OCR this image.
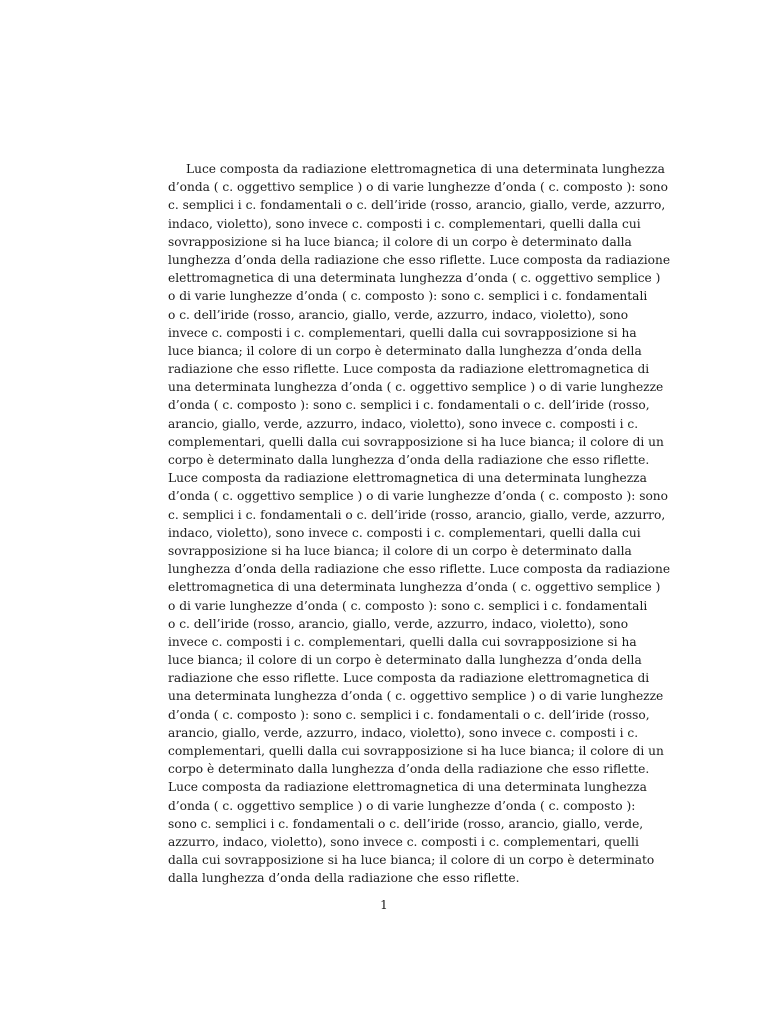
Luce composta da radiazione elettromagnetica di una determinata lunghezza
d’onda ( c. oggettivo semplice ) o di varie lunghezze d’onda ( c. composto ): sono
c. semplici i c. fondamentali o c. dell’iride (rosso, arancio, giallo, verde, azzurro,
indaco, violetto), sono invece c. composti i c. complementari, quelli dalla cui
sovrapposizione si ha luce bianca; il colore di un corpo è determinato dalla
lunghezza d’onda della radiazione che esso riflette. Luce composta da radiazione
elettromagnetica di una determinata lunghezza d’onda ( c. oggettivo semplice )
o di varie lunghezze d’onda ( c. composto ): sono c. semplici i c. fondamentali
o c. dell’iride (rosso, arancio, giallo, verde, azzurro, indaco, violetto), sono
invece c. composti i c. complementari, quelli dalla cui sovrapposizione si ha
luce bianca; il colore di un corpo è determinato dalla lunghezza d’onda della
radiazione che esso riflette. Luce composta da radiazione elettromagnetica di
una determinata lunghezza d’onda ( c. oggettivo semplice ) o di varie lunghezze
d’onda ( c. composto ): sono c. semplici i c. fondamentali o c. dell’iride (rosso,
arancio, giallo, verde, azzurro, indaco, violetto), sono invece c. composti i c.
complementari, quelli dalla cui sovrapposizione si ha luce bianca; il colore di un
corpo è determinato dalla lunghezza d’onda della radiazione che esso riflette.
Luce composta da radiazione elettromagnetica di una determinata lunghezza
d’onda ( c. oggettivo semplice ) o di varie lunghezze d’onda ( c. composto ): sono
c. semplici i c. fondamentali o c. dell’iride (rosso, arancio, giallo, verde, azzurro,
indaco, violetto), sono invece c. composti i c. complementari, quelli dalla cui
sovrapposizione si ha luce bianca; il colore di un corpo è determinato dalla
lunghezza d’onda della radiazione che esso riflette. Luce composta da radiazione
elettromagnetica di una determinata lunghezza d’onda ( c. oggettivo semplice )
o di varie lunghezze d’onda ( c. composto ): sono c. semplici i c. fondamentali
o c. dell’iride (rosso, arancio, giallo, verde, azzurro, indaco, violetto), sono
invece c. composti i c. complementari, quelli dalla cui sovrapposizione si ha
luce bianca; il colore di un corpo è determinato dalla lunghezza d’onda della
radiazione che esso riflette. Luce composta da radiazione elettromagnetica di
una determinata lunghezza d’onda ( c. oggettivo semplice ) o di varie lunghezze
d’onda ( c. composto ): sono c. semplici i c. fondamentali o c. dell’iride (rosso,
arancio, giallo, verde, azzurro, indaco, violetto), sono invece c. composti i c.
complementari, quelli dalla cui sovrapposizione si ha luce bianca; il colore di un
corpo è determinato dalla lunghezza d’onda della radiazione che esso riflette.
Luce composta da radiazione elettromagnetica di una determinata lunghezza
d’onda ( c. oggettivo semplice ) o di varie lunghezze d’onda ( c. composto ):
sono c. semplici i c. fondamentali o c. dell’iride (rosso, arancio, giallo, verde,
azzurro, indaco, violetto), sono invece c. composti i c. complementari, quelli
dalla cui sovrapposizione si ha luce bianca; il colore di un corpo è determinato
dalla lunghezza d’onda della radiazione che esso riflette.
1
